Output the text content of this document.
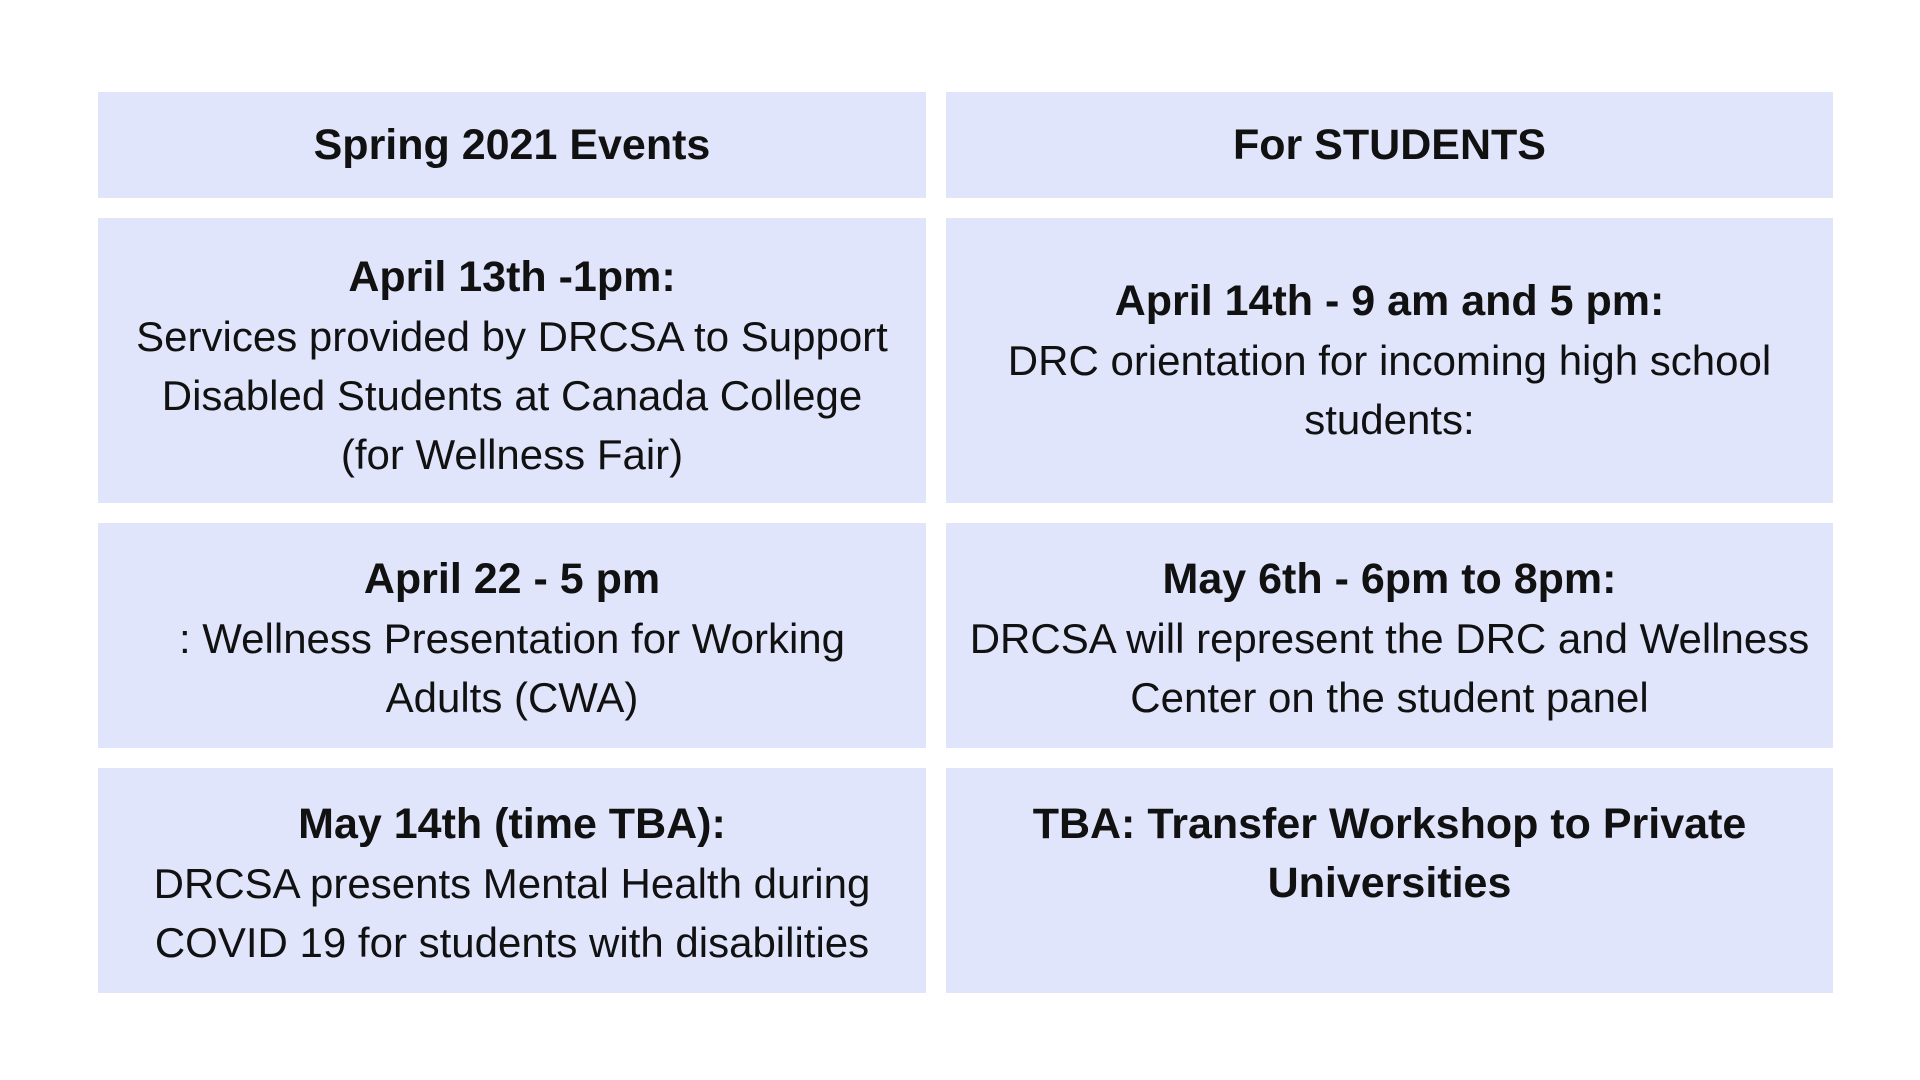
Spring 2021 Events	For STUDENTS
April 13th -1pm:
Services provided by DRCSA to Support
Disabled Students at Canada College
(for Wellness Fair)
April 14th - 9 am and 5 pm:
DRC orientation for incoming high school
students:
April 22 - 5 pm
: Wellness Presentation for Working
Adults (CWA)
May 6th - 6pm to 8pm:
DRCSA will represent the DRC and Wellness
Center on the student panel
May 14th (time TBA):
DRCSA presents Mental Health during
COVID 19 for students with disabilities
TBA: Transfer Workshop to Private
Universities
